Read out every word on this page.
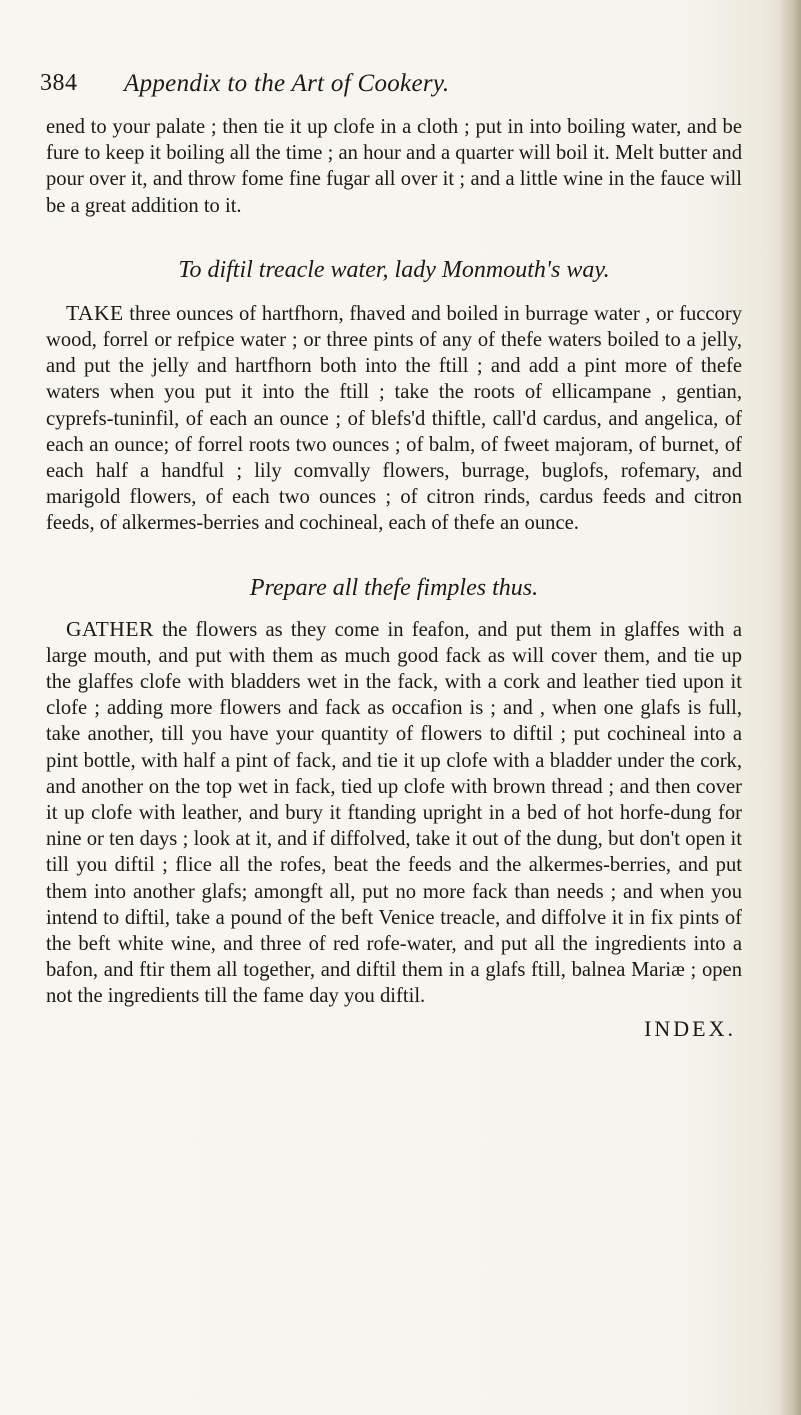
384 Appendix to the Art of Cookery.

ened to your palate ; then tie it up clofe in a cloth ; put in into boiling water, and be fure to keep it boiling all the time ; an hour and a quarter will boil it. Melt butter and pour over it, and throw fome fine fugar all over it ; and a little wine in the fauce will be a great addition to it.

To diftil treacle water, lady Monmouth's way.

TAKE three ounces of hartfhorn, fhaved and boiled in burrage water , or fuccory wood, forrel or refpice water ; or three pints of any of thefe waters boiled to a jelly, and put the jelly and hartfhorn both into the ftill ; and add a pint more of thefe waters when you put it into the ftill ; take the roots of ellicampane , gentian, cyprefs-tuninfil, of each an ounce ; of blefs'd thiftle, call'd cardus, and angelica, of each an ounce; of forrel roots two ounces ; of balm, of fweet majoram, of burnet, of each half a handful ; lily comvally flowers, burrage, buglofs, rofemary, and marigold flowers, of each two ounces ; of citron rinds, cardus feeds and citron feeds, of alkermes-berries and cochineal, each of thefe an ounce.

Prepare all thefe fimples thus.

GATHER the flowers as they come in feafon, and put them in glaffes with a large mouth, and put with them as much good fack as will cover them, and tie up the glaffes clofe with bladders wet in the fack, with a cork and leather tied upon it clofe ; adding more flowers and fack as occafion is ; and , when one glafs is full, take another, till you have your quantity of flowers to diftil ; put cochineal into a pint bottle, with half a pint of fack, and tie it up clofe with a bladder under the cork, and another on the top wet in fack, tied up clofe with brown thread ; and then cover it up clofe with leather, and bury it ftanding upright in a bed of hot horfe-dung for nine or ten days ; look at it, and if diffolved, take it out of the dung, but don't open it till you diftil ; flice all the rofes, beat the feeds and the alkermes-berries, and put them into another glafs; amongft all, put no more fack than needs ; and when you intend to diftil, take a pound of the beft Venice treacle, and diffolve it in fix pints of the beft white wine, and three of red rofe-water, and put all the ingredients into a bafon, and ftir them all together, and diftil them in a glafs ftill, balnea Mariæ ; open not the ingredients till the fame day you diftil.

INDEX.
